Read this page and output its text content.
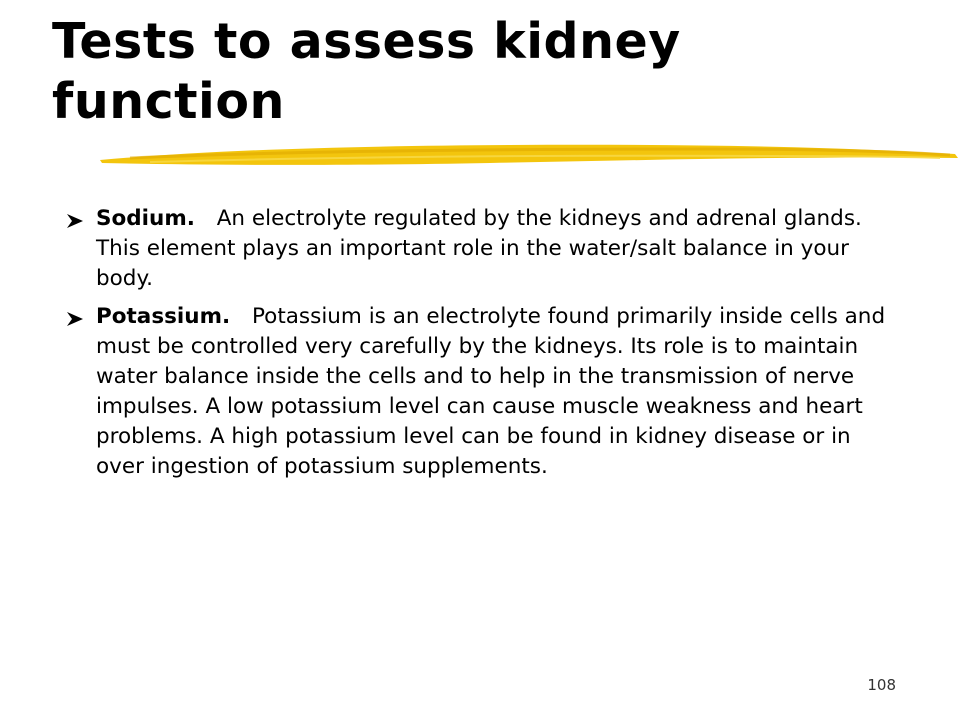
Tests to assess kidney
function
Sodium.   An electrolyte regulated by the kidneys and adrenal glands. This element plays an important role in the water/salt balance in your body.
Potassium.   Potassium is an electrolyte found primarily inside cells and must be controlled very carefully by the kidneys. Its role is to maintain water balance inside the cells and to help in the transmission of nerve impulses. A low potassium level can cause muscle weakness and heart problems. A high potassium level can be found in kidney disease or in over ingestion of potassium supplements.
108
